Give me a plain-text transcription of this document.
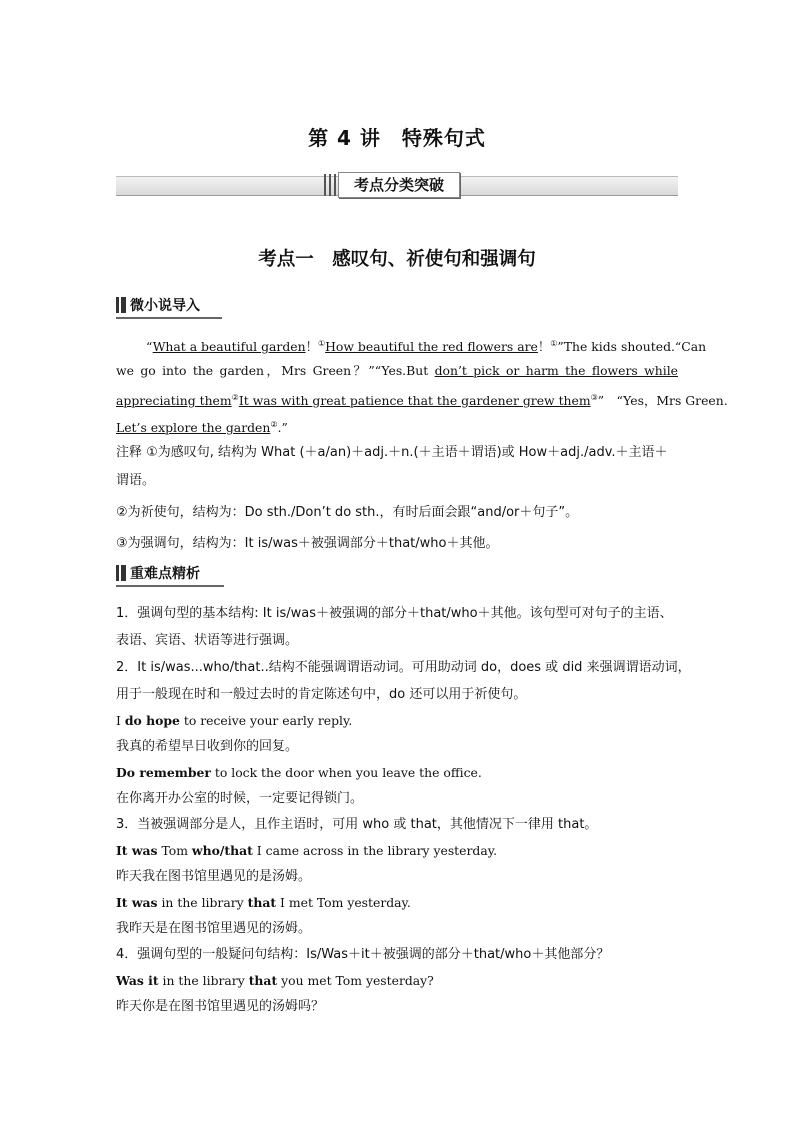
第 4 讲　特殊句式
考点分类突破
考点一　感叹句、祈使句和强调句
微小说导入
“What a beautiful garden！①How beautiful the red flowers are！①”The kids shouted.“Can
we go into the garden，Mrs Green？”“Yes.But don’t pick or harm the flowers while
appreciating them②It was with great patience that the gardener grew them③”　“Yes，Mrs Green.
Let’s explore the garden②.”
注释 ①为感叹句, 结构为 What (＋a/an)＋adj.＋n.(＋主语＋谓语)或 How＋adj./adv.＋主语＋
谓语。
②为祈使句，结构为：Do sth./Don’t do sth.，有时后面会跟“and/or＋句子”。
③为强调句，结构为：It is/was＋被强调部分＋that/who＋其他。
重难点精析
1．强调句型的基本结构: It is/was＋被强调的部分＋that/who＋其他。该句型可对句子的主语、
表语、宾语、状语等进行强调。
2．It is/was...who/that..结构不能强调谓语动词。可用助动词 do，does 或 did 来强调谓语动词，
用于一般现在时和一般过去时的肯定陈述句中，do 还可以用于祈使句。
I do hope to receive your early reply.
我真的希望早日收到你的回复。
Do remember to lock the door when you leave the office.
在你离开办公室的时候，一定要记得锁门。
3．当被强调部分是人，且作主语时，可用 who 或 that，其他情况下一律用 that。
It was Tom who/that I came across in the library yesterday.
昨天我在图书馆里遇见的是汤姆。
It was in the library that I met Tom yesterday.
我昨天是在图书馆里遇见的汤姆。
4．强调句型的一般疑问句结构：Is/Was＋it＋被强调的部分＋that/who＋其他部分？
Was it in the library that you met Tom yesterday?
昨天你是在图书馆里遇见的汤姆吗？
